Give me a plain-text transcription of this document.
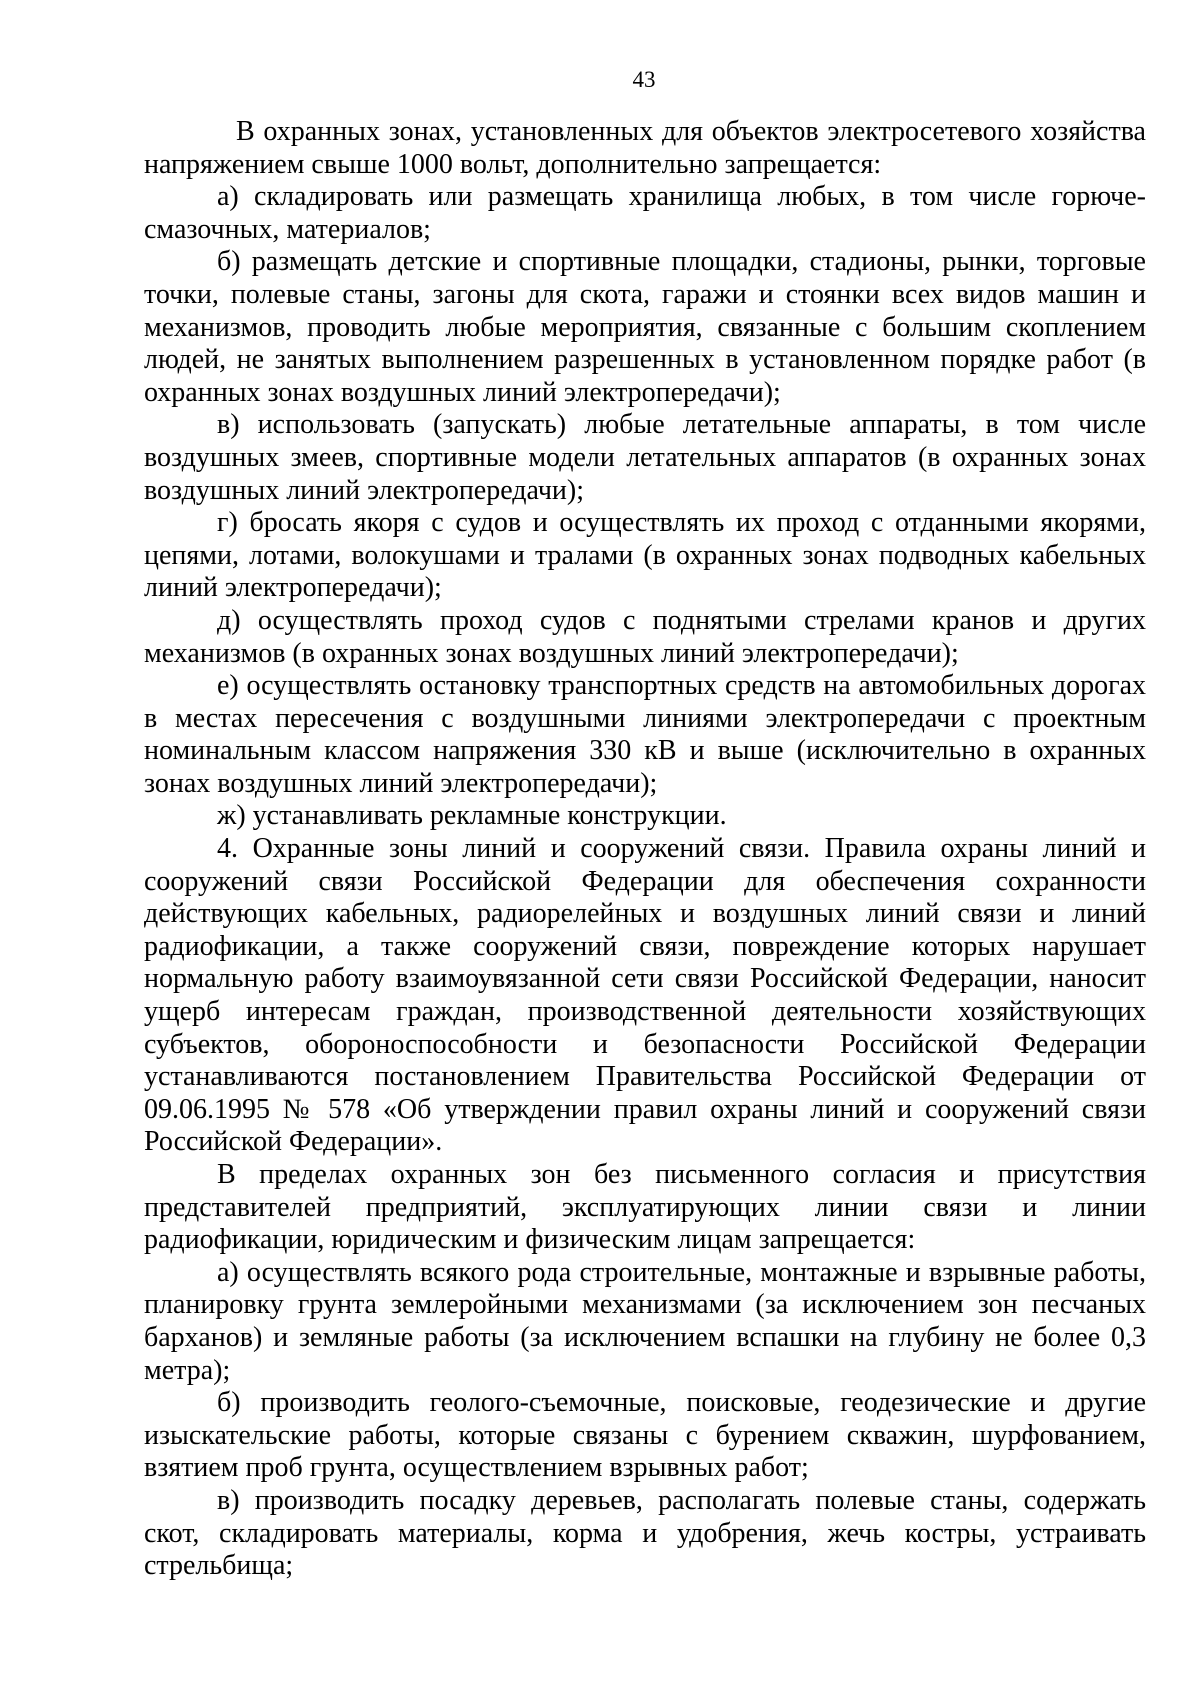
43

В охранных зонах, установленных для объектов электросетевого хозяйства напряжением свыше 1000 вольт, дополнительно запрещается:

а) складировать или размещать хранилища любых, в том числе горюче-смазочных, материалов;

б) размещать детские и спортивные площадки, стадионы, рынки, торговые точки, полевые станы, загоны для скота, гаражи и стоянки всех видов машин и механизмов, проводить любые мероприятия, связанные с большим скоплением людей, не занятых выполнением разрешенных в установленном порядке работ (в охранных зонах воздушных линий электропередачи);

в) использовать (запускать) любые летательные аппараты, в том числе воздушных змеев, спортивные модели летательных аппаратов (в охранных зонах воздушных линий электропередачи);

г) бросать якоря с судов и осуществлять их проход с отданными якорями, цепями, лотами, волокушами и тралами (в охранных зонах подводных кабельных линий электропередачи);

д) осуществлять проход судов с поднятыми стрелами кранов и других механизмов (в охранных зонах воздушных линий электропередачи);

е) осуществлять остановку транспортных средств на автомобильных дорогах в местах пересечения с воздушными линиями электропередачи с проектным номинальным классом напряжения 330 кВ и выше (исключительно в охранных зонах воздушных линий электропередачи);

ж) устанавливать рекламные конструкции.

4. Охранные зоны линий и сооружений связи. Правила охраны линий и сооружений связи Российской Федерации для обеспечения сохранности действующих кабельных, радиорелейных и воздушных линий связи и линий радиофикации, а также сооружений связи, повреждение которых нарушает нормальную работу взаимоувязанной сети связи Российской Федерации, наносит ущерб интересам граждан, производственной деятельности хозяйствующих субъектов, обороноспособности и безопасности Российской Федерации устанавливаются постановлением Правительства Российской Федерации от 09.06.1995 № 578 «Об утверждении правил охраны линий и сооружений связи Российской Федерации».

В пределах охранных зон без письменного согласия и присутствия представителей предприятий, эксплуатирующих линии связи и линии радиофикации, юридическим и физическим лицам запрещается:

а) осуществлять всякого рода строительные, монтажные и взрывные работы, планировку грунта землеройными механизмами (за исключением зон песчаных барханов) и земляные работы (за исключением вспашки на глубину не более 0,3 метра);

б) производить геолого-съемочные, поисковые, геодезические и другие изыскательские работы, которые связаны с бурением скважин, шурфованием, взятием проб грунта, осуществлением взрывных работ;

в) производить посадку деревьев, располагать полевые станы, содержать скот, складировать материалы, корма и удобрения, жечь костры, устраивать стрельбища;
